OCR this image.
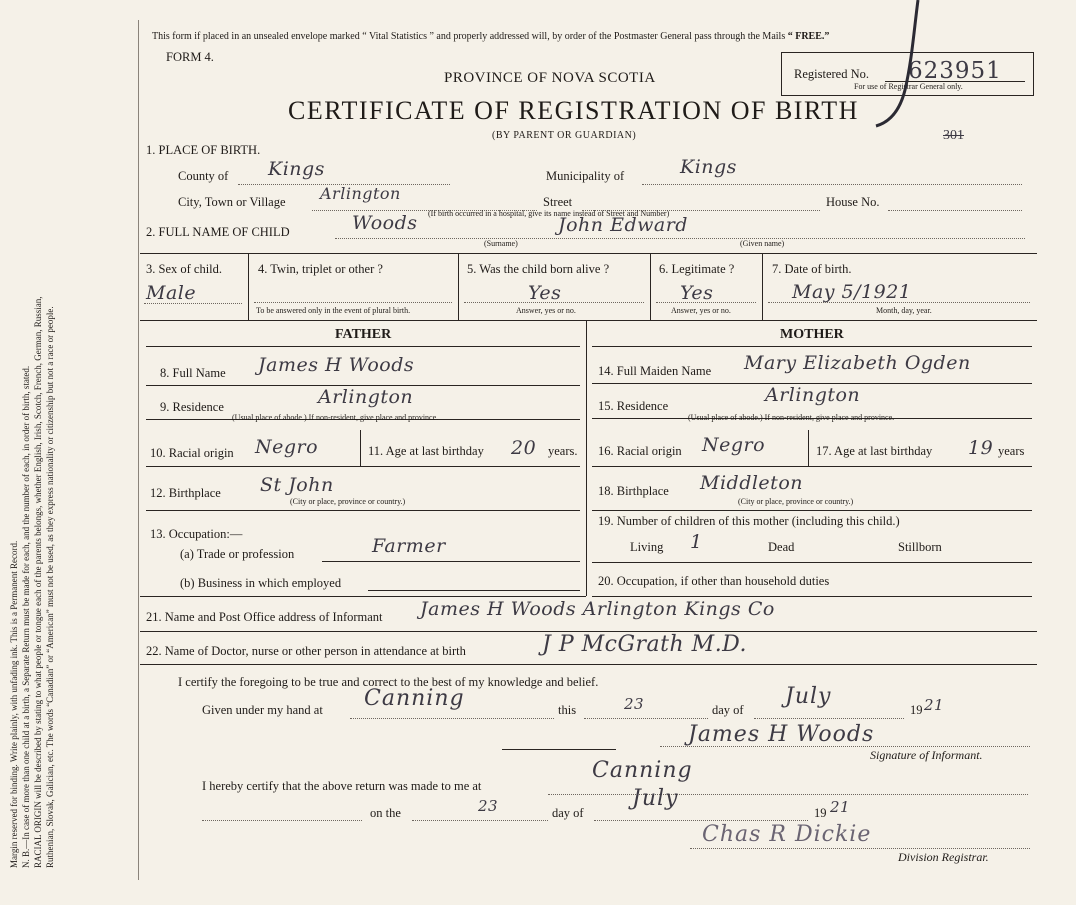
Margin reserved for binding. Write plainly, with unfading ink. This is a Permanent Record. N. B.—In case of more than one child at a birth, a Separate Return must be made for each, and the number of each, in order of birth, stated. RACIAL ORIGIN will be described by stating to what people or tongue each of the parents belongs, whether English, Irish, Scotch, French, German, Russian, Ruthenian, Slovak, Galician, etc. The words “Canadian” or “American” must not be used, as they express nationality or citizenship but not a race or people.
This form if placed in an unsealed envelope marked “ Vital Statistics ” and properly addressed will, by order of the Postmaster General pass through the Mails “ FREE.”
FORM 4.
PROVINCE OF NOVA SCOTIA
CERTIFICATE OF REGISTRATION OF BIRTH
(BY PARENT OR GUARDIAN)
Registered No. 623951
For use of Registrar General only.
1. PLACE OF BIRTH.
County of Kings	Municipality of	Kings
City, Town or Village Arlington	Street	House No.
(If birth occurred in a hospital, give its name instead of Street and Number)
2. FULL NAME OF CHILD	Woods	John Edward
(Surname)	(Given name)
3. Sex of child.
Male
4. Twin, triplet or other ?
To be answered only in the event of plural birth.
5. Was the child born alive ?
Yes
Answer, yes or no.
6. Legitimate ?
Yes
Answer, yes or no.
7. Date of birth.
May 5/1921
Month, day, year.
FATHER	MOTHER
8. Full Name James H Woods
9. Residence	Arlington
(Usual place of abode.) If non-resident, give place and province.
10. Racial origin Negro	11. Age at last birthday 20 years.
12. Birthplace St John
(City or place, province or country.)
13. Occupation:—
(a) Trade or profession	Farmer
(b) Business in which employed
14. Full Maiden Name Mary Elizabeth Ogden
15. Residence	Arlington
(Usual place of abode.) If non-resident, give place and province.
16. Racial origin Negro	17. Age at last birthday 19 years
18. Birthplace Middleton
(City or place, province or country.)
19. Number of children of this mother (including this child.)
Living 1	Dead	Stillborn
20. Occupation, if other than household duties
21. Name and Post Office address of Informant James H Woods Arlington Kings Co
22. Name of Doctor, nurse or other person in attendance at birth	J P McGrath M.D.
I certify the foregoing to be true and correct to the best of my knowledge and belief.
Given under my hand at Canning	this	23	day of
July
19 21
James H Woods
Signature of Informant.
I hereby certify that the above return was made to me at
Canning
on the	23	day of
July
19 21
Chas R Dickie
Division Registrar.
301
